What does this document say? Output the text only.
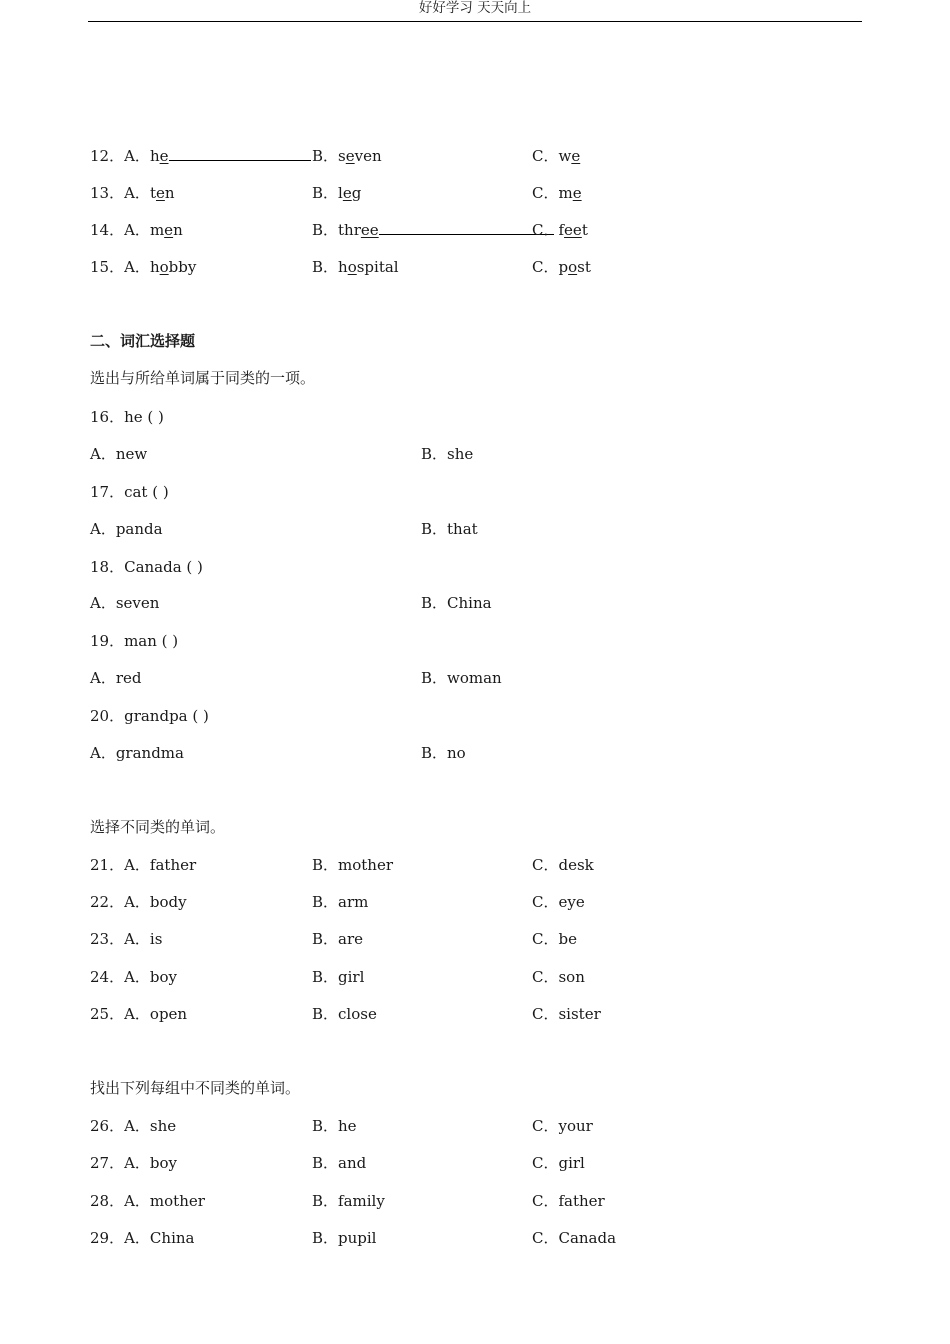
好好学习 天天向上
12．A．he	B．seven	C．we
13．A．ten	B．leg	C．me
14．A．men	B．three	C．feet
15．A．hobby	B．hospital	C．post
二、词汇选择题
选出与所给单词属于同类的一项。
16．he ( )
A．new	B．she
17．cat ( )
A．panda	B．that
18．Canada ( )
A．seven	B．China
19．man ( )
A．red	B．woman
20．grandpa ( )
A．grandma	B．no
选择不同类的单词。
21．A．father	B．mother	C．desk
22．A．body	B．arm	C．eye
23．A．is	B．are	C．be
24．A．boy	B．girl	C．son
25．A．open	B．close	C．sister
找出下列每组中不同类的单词。
26．A．she	B．he	C．your
27．A．boy	B．and	C．girl
28．A．mother	B．family	C．father
29．A．China	B．pupil	C．Canada
